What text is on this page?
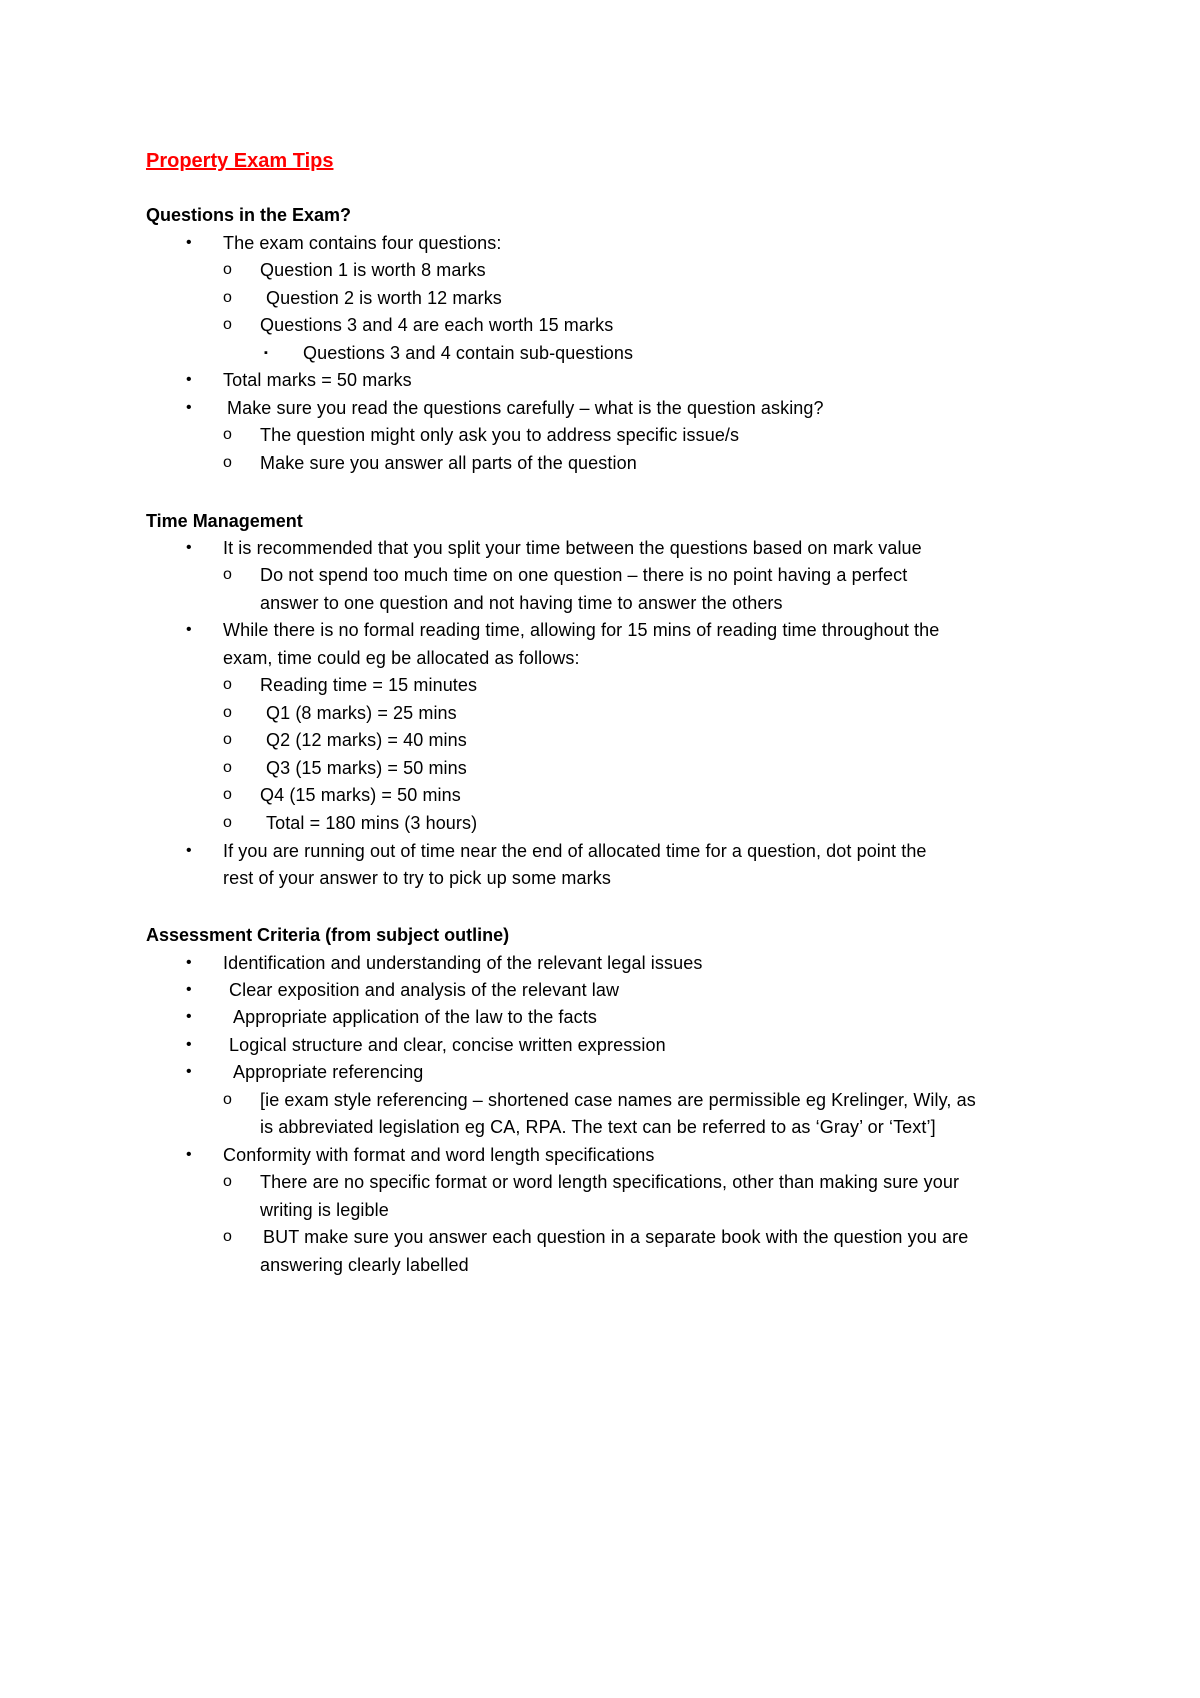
Property Exam Tips
Questions in the Exam?
• The exam contains four questions:
o Question 1 is worth 8 marks
o Question 2 is worth 12 marks
o Questions 3 and 4 are each worth 15 marks
▪ Questions 3 and 4 contain sub-questions
• Total marks = 50 marks
• Make sure you read the questions carefully – what is the question asking?
o The question might only ask you to address specific issue/s
o Make sure you answer all parts of the question
Time Management
• It is recommended that you split your time between the questions based on mark value
o Do not spend too much time on one question – there is no point having a perfect
answer to one question and not having time to answer the others
• While there is no formal reading time, allowing for 15 mins of reading time throughout the
exam, time could eg be allocated as follows:
o Reading time = 15 minutes
o Q1 (8 marks) = 25 mins
o Q2 (12 marks) = 40 mins
o Q3 (15 marks) = 50 mins
o Q4 (15 marks) = 50 mins
o Total = 180 mins (3 hours)
• If you are running out of time near the end of allocated time for a question, dot point the
rest of your answer to try to pick up some marks
Assessment Criteria (from subject outline)
• Identification and understanding of the relevant legal issues
• Clear exposition and analysis of the relevant law
• Appropriate application of the law to the facts
• Logical structure and clear, concise written expression
• Appropriate referencing
o [ie exam style referencing – shortened case names are permissible eg Krelinger, Wily, as
is abbreviated legislation eg CA, RPA. The text can be referred to as ‘Gray’ or ‘Text’]
• Conformity with format and word length specifications
o There are no specific format or word length specifications, other than making sure your
writing is legible
o BUT make sure you answer each question in a separate book with the question you are
answering clearly labelled
